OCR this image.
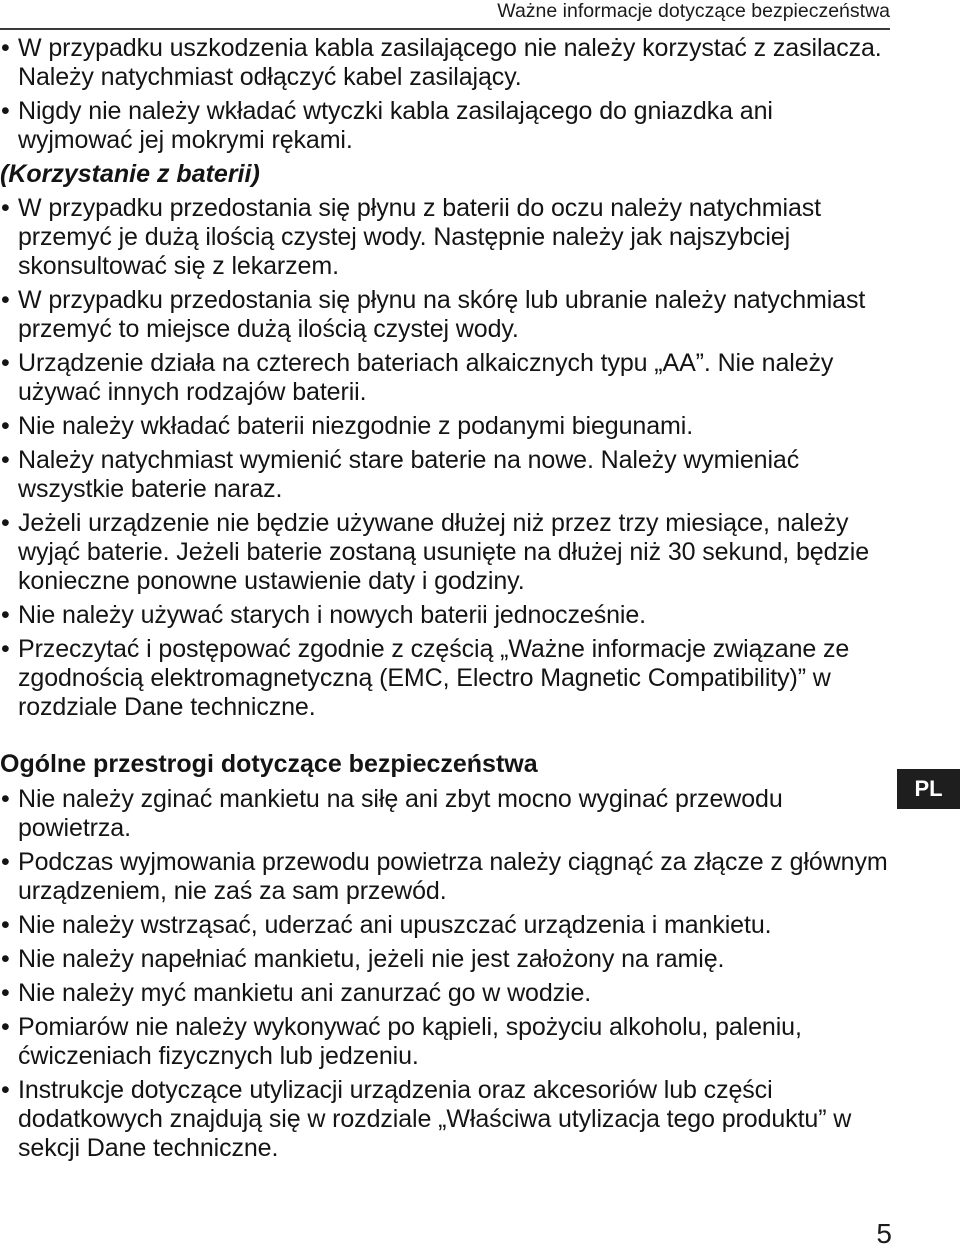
Ważne informacje dotyczące bezpieczeństwa
• W przypadku uszkodzenia kabla zasilającego nie należy korzystać z zasilacza. Należy natychmiast odłączyć kabel zasilający.
• Nigdy nie należy wkładać wtyczki kabla zasilającego do gniazdka ani wyjmować jej mokrymi rękami.
(Korzystanie z baterii)
• W przypadku przedostania się płynu z baterii do oczu należy natychmiast przemyć je dużą ilością czystej wody. Następnie należy jak najszybciej skonsultować się z lekarzem.
• W przypadku przedostania się płynu na skórę lub ubranie należy natychmiast przemyć to miejsce dużą ilością czystej wody.
• Urządzenie działa na czterech bateriach alkaicznych typu „AA”. Nie należy używać innych rodzajów baterii.
• Nie należy wkładać baterii niezgodnie z podanymi biegunami.
• Należy natychmiast wymienić stare baterie na nowe. Należy wymieniać wszystkie baterie naraz.
• Jeżeli urządzenie nie będzie używane dłużej niż przez trzy miesiące, należy wyjąć baterie. Jeżeli baterie zostaną usunięte na dłużej niż 30 sekund, będzie konieczne ponowne ustawienie daty i godziny.
• Nie należy używać starych i nowych baterii jednocześnie.
• Przeczytać i postępować zgodnie z częścią „Ważne informacje związane ze zgodnością elektromagnetyczną (EMC, Electro Magnetic Compatibility)” w rozdziale Dane techniczne.
Ogólne przestrogi dotyczące bezpieczeństwa
• Nie należy zginać mankietu na siłę ani zbyt mocno wyginać przewodu powietrza.
• Podczas wyjmowania przewodu powietrza należy ciągnąć za złącze z głównym urządzeniem, nie zaś za sam przewód.
• Nie należy wstrząsać, uderzać ani upuszczać urządzenia i mankietu.
• Nie należy napełniać mankietu, jeżeli nie jest założony na ramię.
• Nie należy myć mankietu ani zanurzać go w wodzie.
• Pomiarów nie należy wykonywać po kąpieli, spożyciu alkoholu, paleniu, ćwiczeniach fizycznych lub jedzeniu.
• Instrukcje dotyczące utylizacji urządzenia oraz akcesoriów lub części dodatkowych znajdują się w rozdziale „Właściwa utylizacja tego produktu” w sekcji Dane techniczne.
PL
5
